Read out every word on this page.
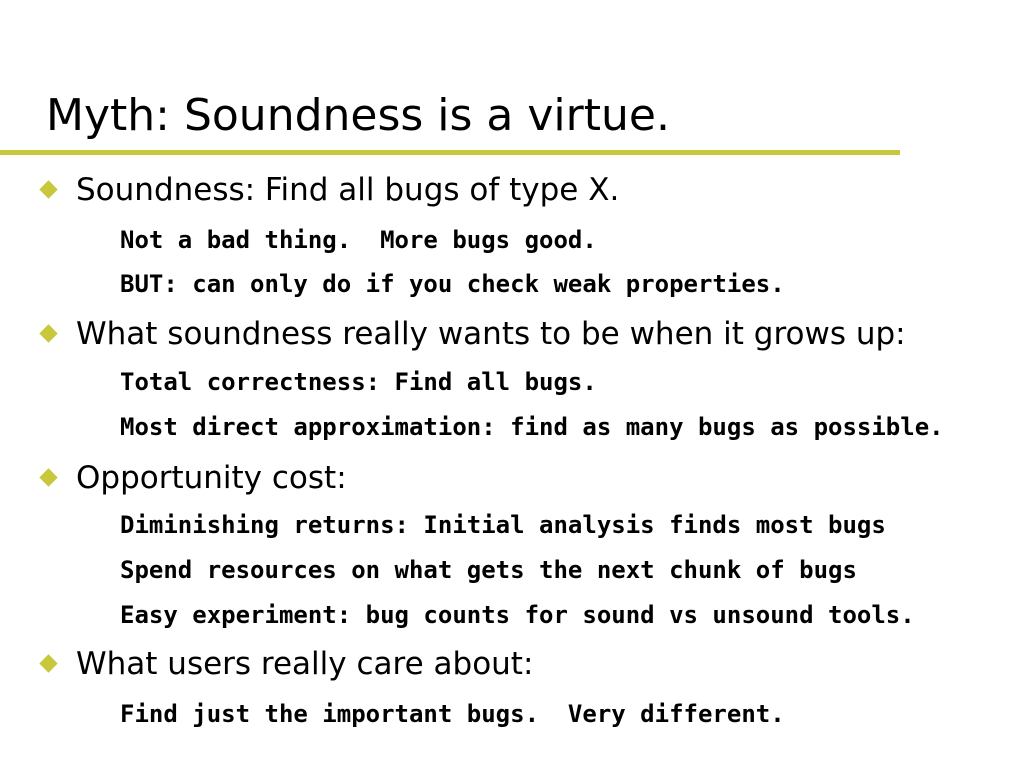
Myth: Soundness is a virtue.
Soundness: Find all bugs of type X.
Not a bad thing.  More bugs good.
BUT: can only do if you check weak properties.
What soundness really wants to be when it grows up:
Total correctness: Find all bugs.
Most direct approximation: find as many bugs as possible.
Opportunity cost:
Diminishing returns: Initial analysis finds most bugs
Spend resources on what gets the next chunk of bugs
Easy experiment: bug counts for sound vs unsound tools.
What users really care about:
Find just the important bugs.  Very different.
